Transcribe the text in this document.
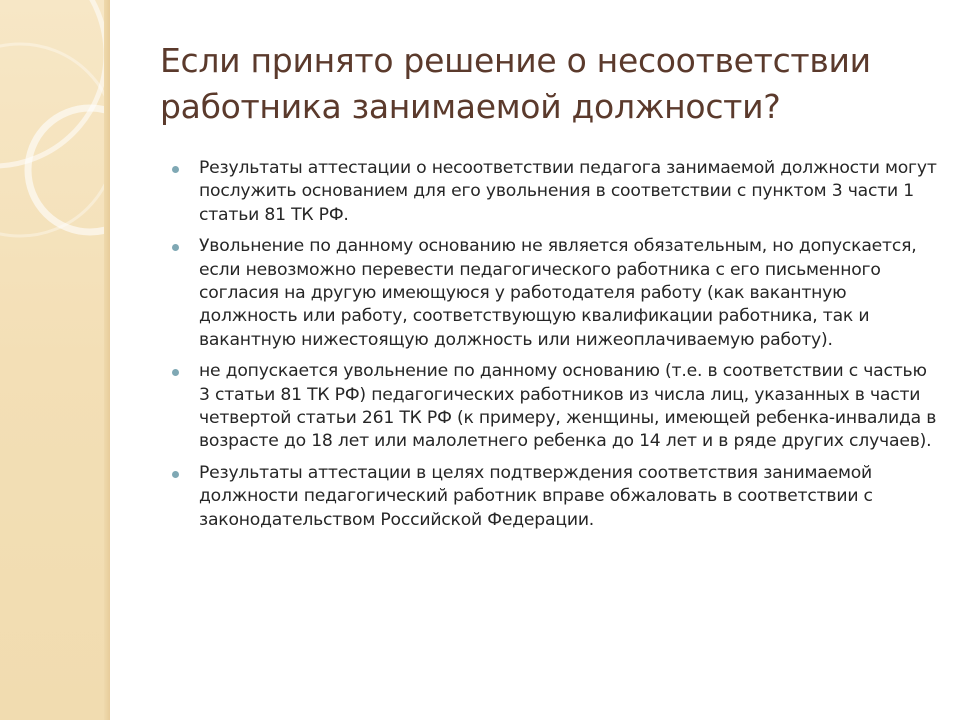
Если принято решение о несоответствии работника занимаемой должности?
Результаты аттестации о несоответствии педагога занимаемой должности могут послужить основанием для его увольнения в соответствии с пунктом 3 части 1 статьи 81 ТК РФ.
Увольнение по данному основанию не является обязательным, но допускается, если невозможно перевести педагогического работника с его письменного согласия на другую имеющуюся у работодателя работу (как вакантную должность или работу, соответствующую квалификации работника, так и вакантную нижестоящую должность или нижеоплачиваемую работу).
не допускается увольнение по данному основанию (т.е. в соответствии с частью 3 статьи 81 ТК РФ) педагогических работников из числа лиц, указанных в части четвертой статьи 261 ТК РФ (к примеру, женщины, имеющей ребенка-инвалида в возрасте до 18 лет или малолетнего ребенка до 14 лет и в ряде других случаев).
Результаты аттестации в целях подтверждения соответствия занимаемой должности педагогический работник вправе обжаловать в соответствии с законодательством Российской Федерации.
